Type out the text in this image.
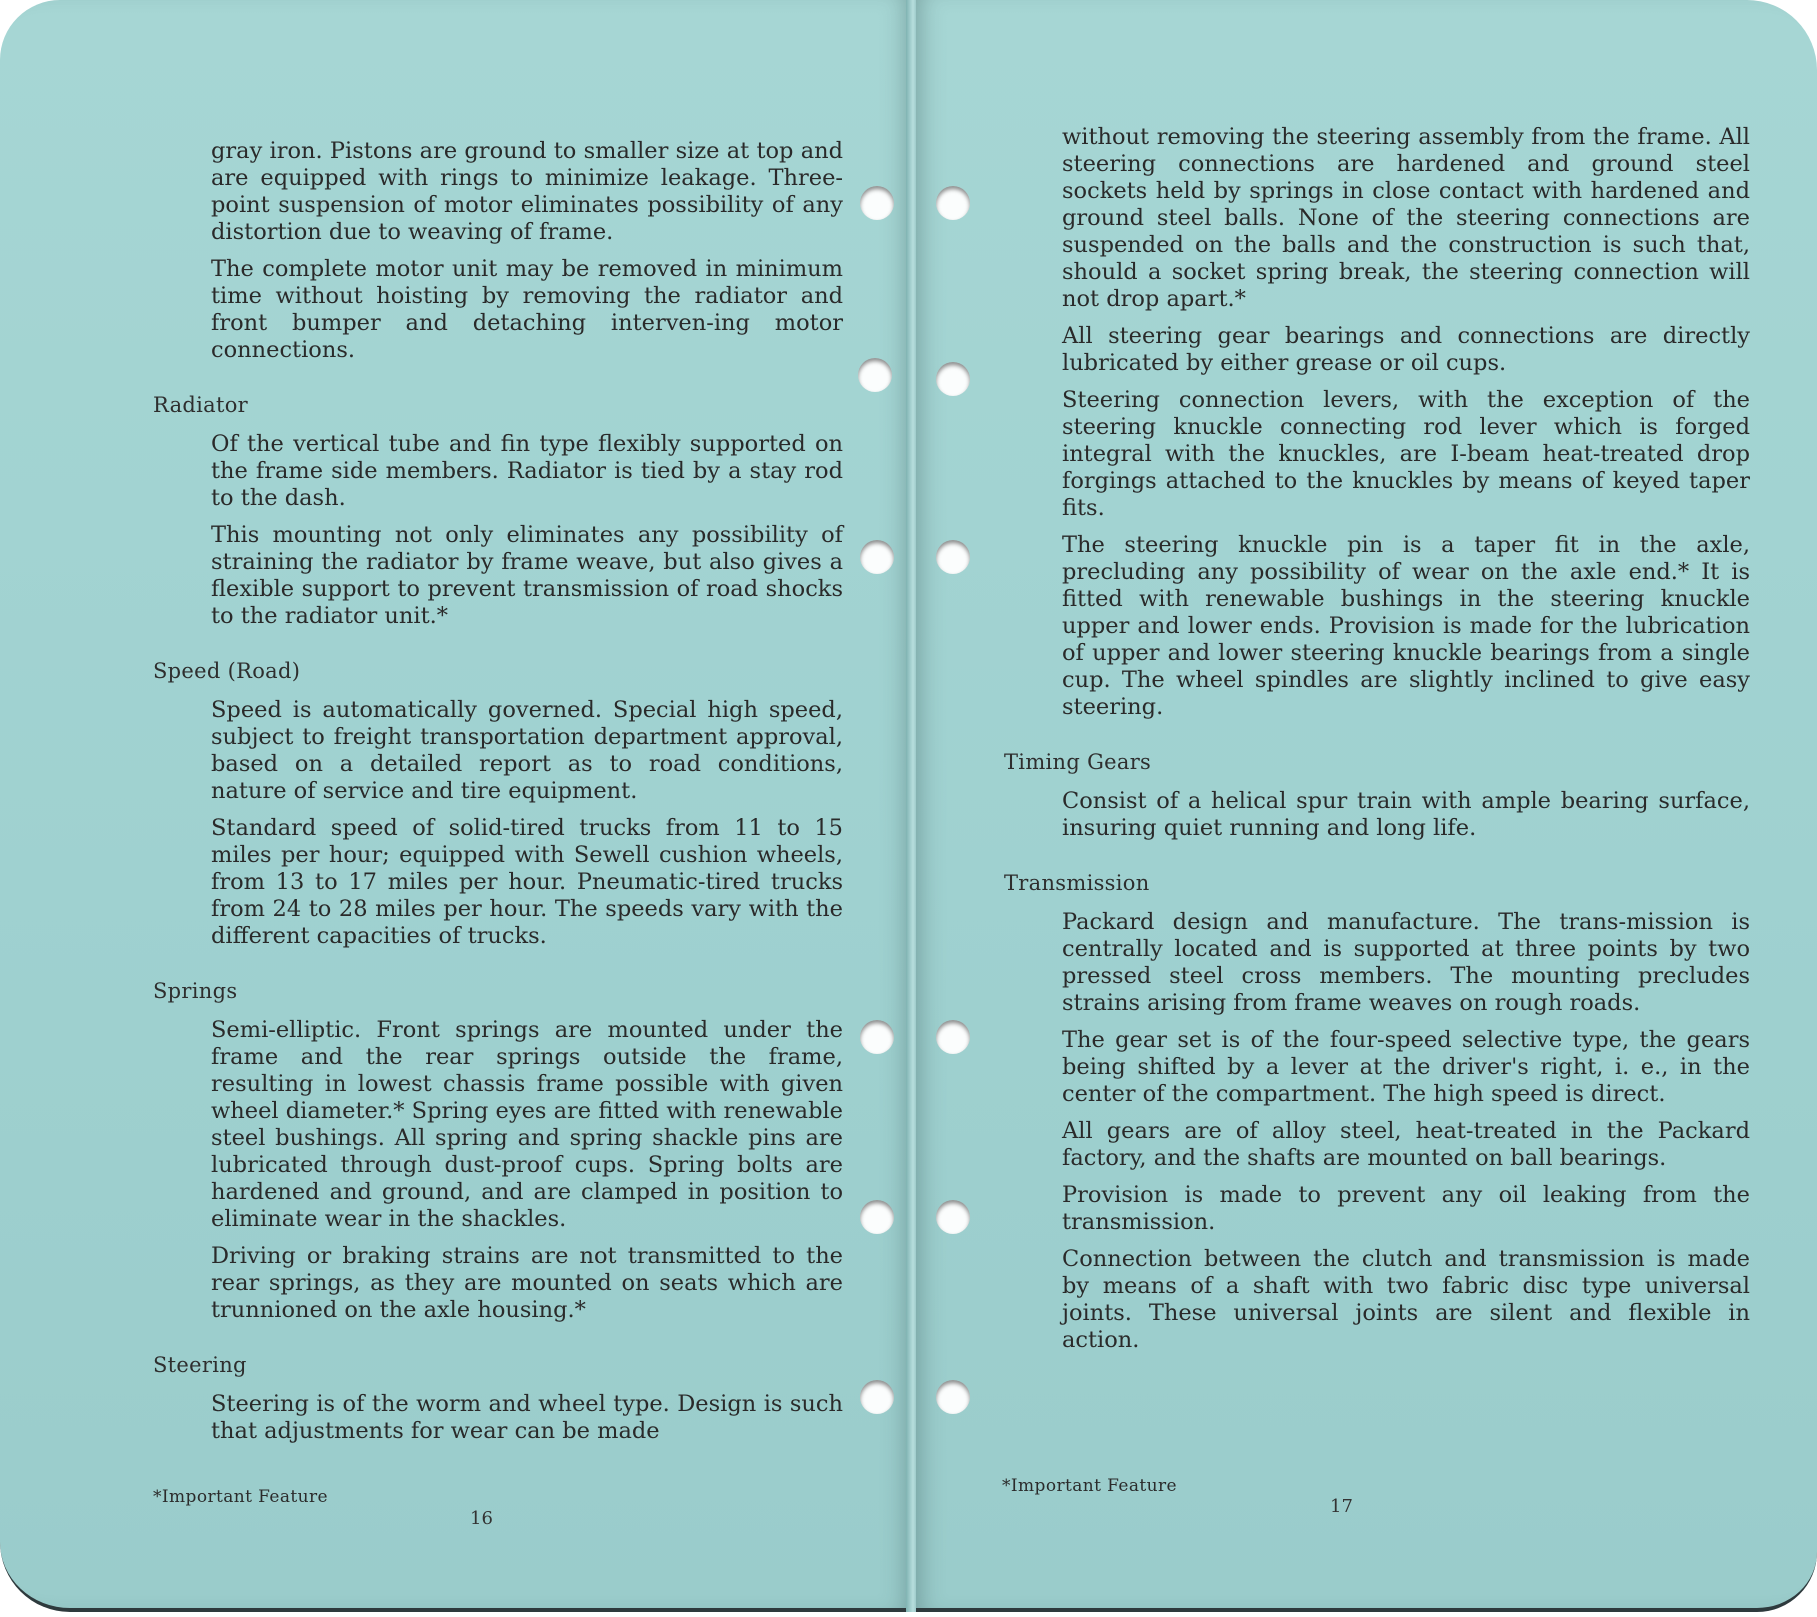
gray iron. Pistons are ground to smaller size at top and are equipped with rings to minimize leakage. Three-point suspension of motor eliminates possibility of any distortion due to weaving of frame.

The complete motor unit may be removed in minimum time without hoisting by removing the radiator and front bumper and detaching interven-ing motor connections.

Radiator

Of the vertical tube and fin type flexibly supported on the frame side members. Radiator is tied by a stay rod to the dash.

This mounting not only eliminates any possibility of straining the radiator by frame weave, but also gives a flexible support to prevent transmission of road shocks to the radiator unit.*

Speed (Road)

Speed is automatically governed. Special high speed, subject to freight transportation department approval, based on a detailed report as to road conditions, nature of service and tire equipment.

Standard speed of solid-tired trucks from 11 to 15 miles per hour; equipped with Sewell cushion wheels, from 13 to 17 miles per hour. Pneumatic-tired trucks from 24 to 28 miles per hour. The speeds vary with the different capacities of trucks.

Springs

Semi-elliptic. Front springs are mounted under the frame and the rear springs outside the frame, resulting in lowest chassis frame possible with given wheel diameter.* Spring eyes are fitted with renewable steel bushings. All spring and spring shackle pins are lubricated through dust-proof cups. Spring bolts are hardened and ground, and are clamped in position to eliminate wear in the shackles.

Driving or braking strains are not transmitted to the rear springs, as they are mounted on seats which are trunnioned on the axle housing.*

Steering

Steering is of the worm and wheel type. Design is such that adjustments for wear can be made

*Important Feature
16

without removing the steering assembly from the frame. All steering connections are hardened and ground steel sockets held by springs in close contact with hardened and ground steel balls. None of the steering connections are suspended on the balls and the construction is such that, should a socket spring break, the steering connection will not drop apart.*

All steering gear bearings and connections are directly lubricated by either grease or oil cups.

Steering connection levers, with the exception of the steering knuckle connecting rod lever which is forged integral with the knuckles, are I-beam heat-treated drop forgings attached to the knuckles by means of keyed taper fits.

The steering knuckle pin is a taper fit in the axle, precluding any possibility of wear on the axle end.* It is fitted with renewable bushings in the steering knuckle upper and lower ends. Provision is made for the lubrication of upper and lower steering knuckle bearings from a single cup. The wheel spindles are slightly inclined to give easy steering.

Timing Gears

Consist of a helical spur train with ample bearing surface, insuring quiet running and long life.

Transmission

Packard design and manufacture. The trans-mission is centrally located and is supported at three points by two pressed steel cross members. The mounting precludes strains arising from frame weaves on rough roads.

The gear set is of the four-speed selective type, the gears being shifted by a lever at the driver's right, i. e., in the center of the compartment. The high speed is direct.

All gears are of alloy steel, heat-treated in the Packard factory, and the shafts are mounted on ball bearings.

Provision is made to prevent any oil leaking from the transmission.

Connection between the clutch and transmission is made by means of a shaft with two fabric disc type universal joints. These universal joints are silent and flexible in action.

*Important Feature
17
